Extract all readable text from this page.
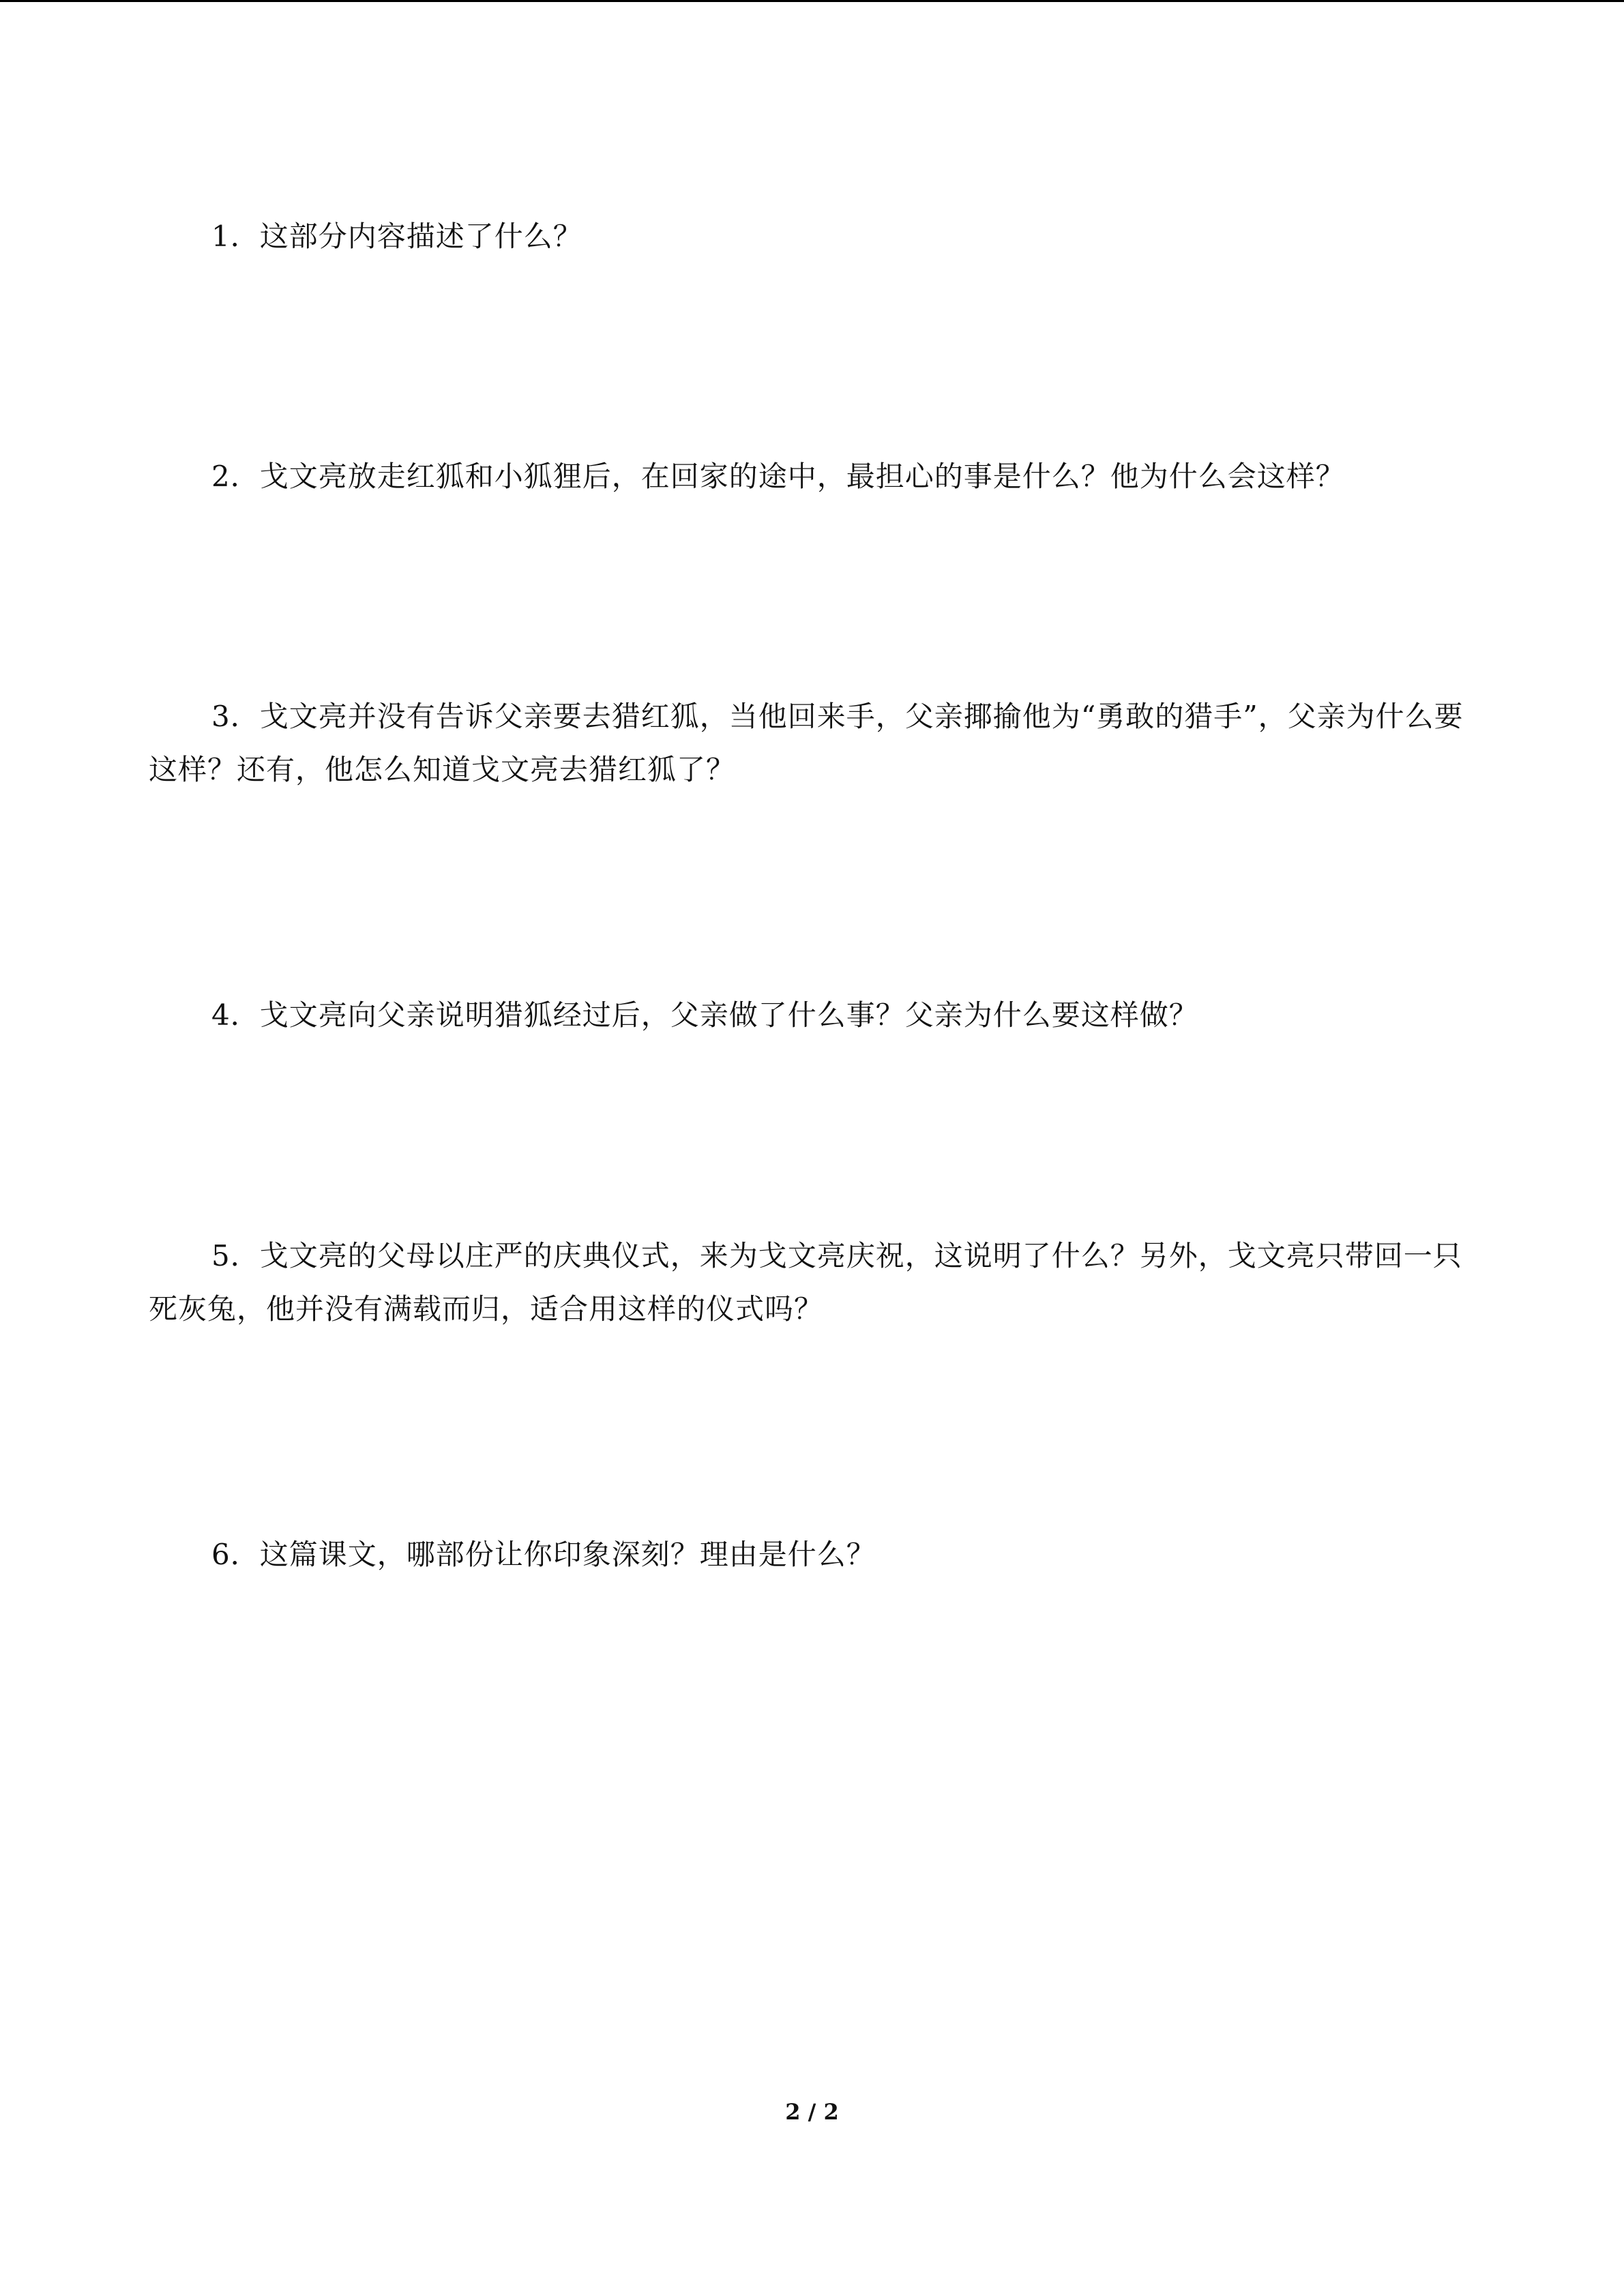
1．这部分内容描述了什么？

2．戈文亮放走红狐和小狐狸后，在回家的途中，最担心的事是什么？他为什么会这样？

3．戈文亮并没有告诉父亲要去猎红狐，当他回来手，父亲揶揄他为“勇敢的猎手”，父亲为什么要这样？还有，他怎么知道戈文亮去猎红狐了？

4．戈文亮向父亲说明猎狐经过后，父亲做了什么事？父亲为什么要这样做？

5．戈文亮的父母以庄严的庆典仪式，来为戈文亮庆祝，这说明了什么？另外，戈文亮只带回一只死灰兔，他并没有满载而归，适合用这样的仪式吗？

6．这篇课文，哪部份让你印象深刻？理由是什么？

2 / 2
